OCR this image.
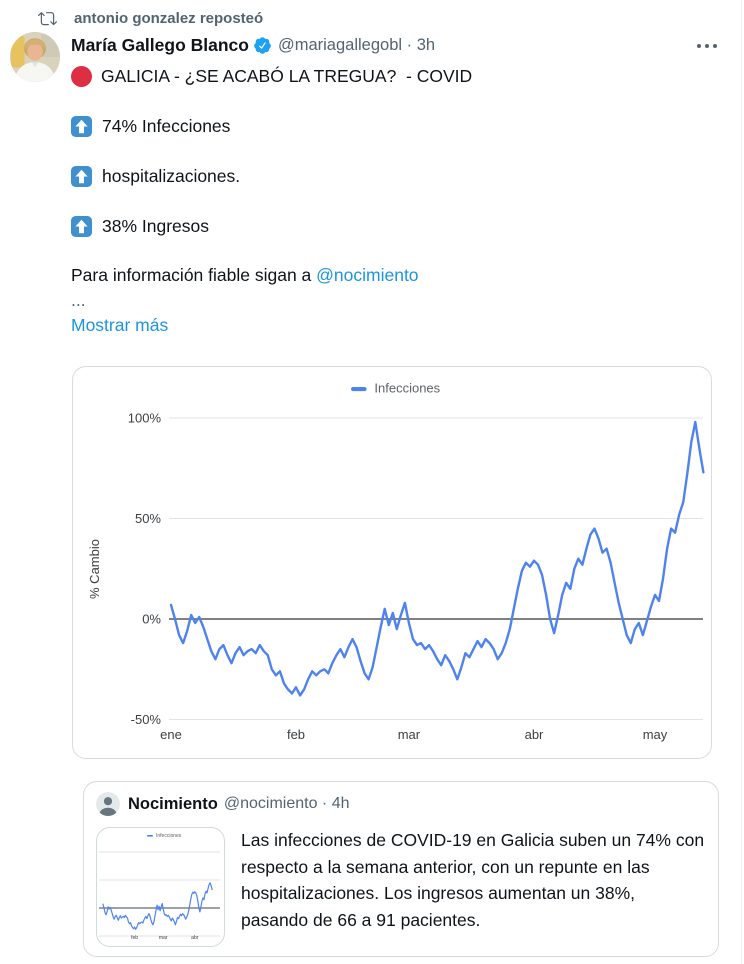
antonio gonzalez reposteó
María Gallego Blanco @mariagallegobl · 3h
GALICIA - ¿SE ACABÓ LA TREGUA?  - COVID
74% Infecciones
hospitalizaciones.
38% Ingresos
Para información fiable sigan a @nocimiento
...
Mostrar más
100%
50%
0%
-50%
ene	feb	mar	abr	may
Infecciones
% Cambio
Nocimiento @nocimiento · 4h
feb	mar	abr
Infecciones	Las infecciones de COVID-19 en Galicia suben un 74% con respecto a la semana anterior, con un repunte en las hospitalizaciones. Los ingresos aumentan un 38%, pasando de 66 a 91 pacientes.
